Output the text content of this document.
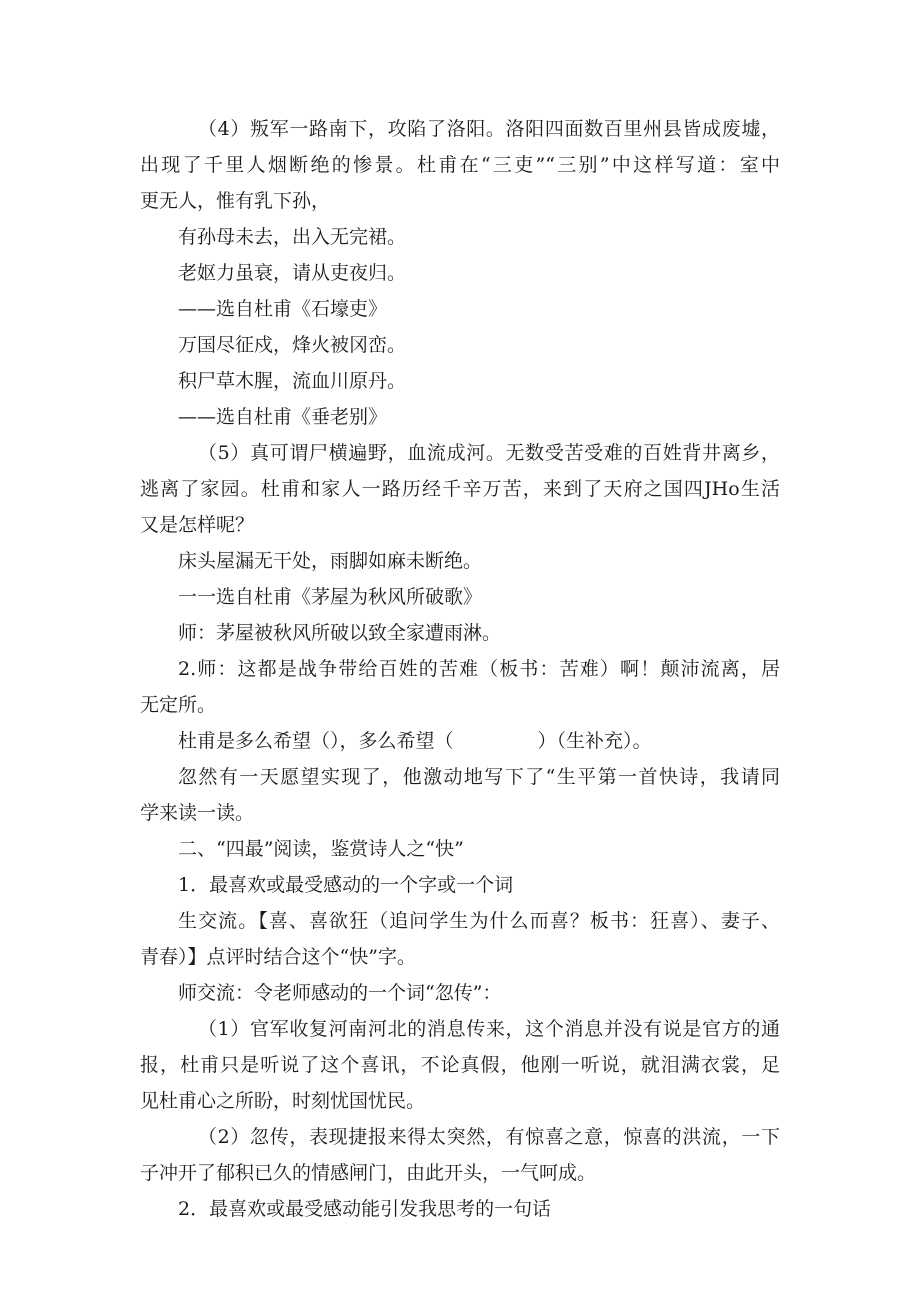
（4）叛军一路南下，攻陷了洛阳。洛阳四面数百里州县皆成废墟，
出现了千里人烟断绝的惨景。杜甫在“三吏”“三别”中这样写道：室中
更无人，惟有乳下孙，
有孙母未去，出入无完裙。
老妪力虽衰，请从吏夜归。
——选自杜甫《石壕吏》
万国尽征戍，烽火被冈峦。
积尸草木腥，流血川原丹。
——选自杜甫《垂老别》
（5）真可谓尸横遍野，血流成河。无数受苦受难的百姓背井离乡，
逃离了家园。杜甫和家人一路历经千辛万苦，来到了天府之国四JHo生活
又是怎样呢？
床头屋漏无干处，雨脚如麻未断绝。
一一选自杜甫《茅屋为秋风所破歌》
师：茅屋被秋风所破以致全家遭雨淋。
2.师：这都是战争带给百姓的苦难（板书：苦难）啊！颠沛流离，居
无定所。
杜甫是多么希望（），多么希望（	）（生补充）。
忽然有一天愿望实现了，他激动地写下了“生平第一首快诗，我请同
学来读一读。
二、“四最”阅读，鉴赏诗人之“快”
1．最喜欢或最受感动的一个字或一个词
生交流。【喜、喜欲狂（追问学生为什么而喜？板书：狂喜）、妻子、
青春）】点评时结合这个“快”字。
师交流：令老师感动的一个词“忽传”：
（1）官军收复河南河北的消息传来，这个消息并没有说是官方的通
报，杜甫只是听说了这个喜讯，不论真假，他刚一听说，就泪满衣裳，足
见杜甫心之所盼，时刻忧国忧民。
（2）忽传，表现捷报来得太突然，有惊喜之意，惊喜的洪流，一下
子冲开了郁积已久的情感闸门，由此开头，一气呵成。
2．最喜欢或最受感动能引发我思考的一句话
